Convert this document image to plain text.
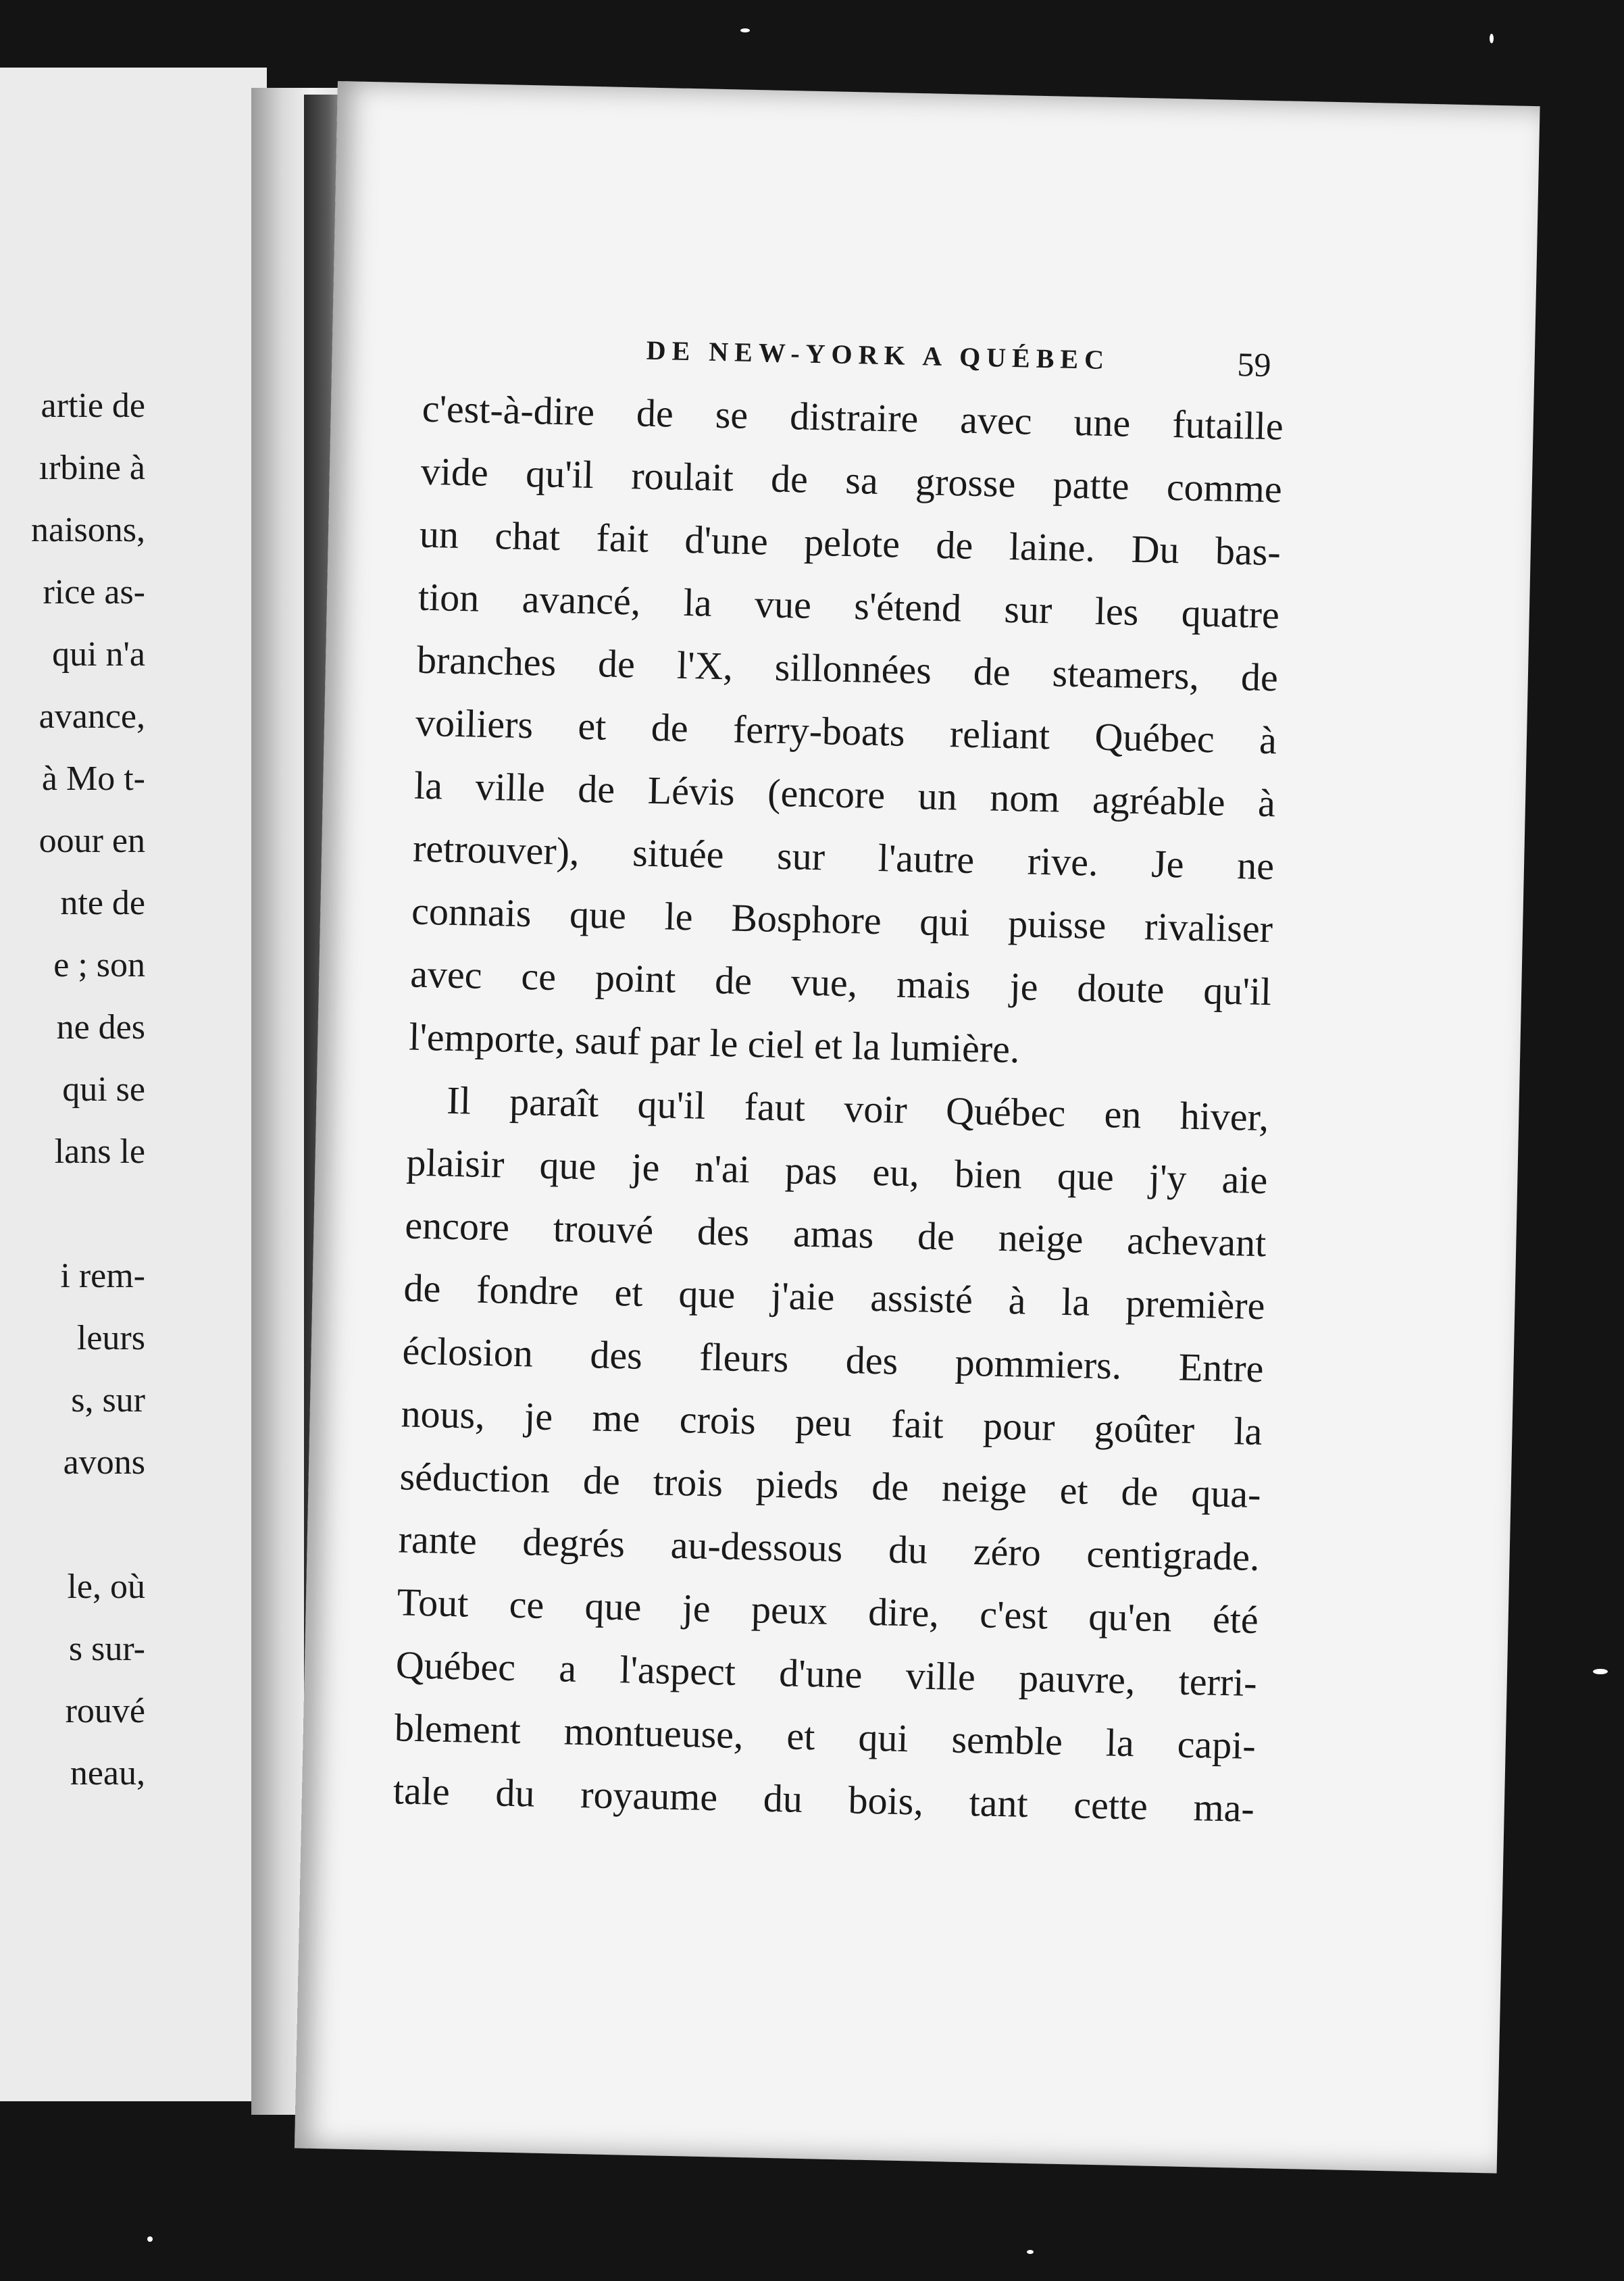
artie de
ırbine à
naisons,
rice as-
qui n'a
avance,
à Mo t-
oour en
nte de
e ; son
ne des
qui se
lans le

i rem-
leurs
s, sur
avons

le, où
s sur-
rouvé
neau,
DE NEW-YORK A QUÉBEC	59
c'est-à-dire de se distraire avec une futaille
vide qu'il roulait de sa grosse patte comme
un chat fait d'une pelote de laine. Du bas-
tion avancé, la vue s'étend sur les quatre
branches de l'X, sillonnées de steamers, de
voiliers et de ferry-boats reliant Québec à
la ville de Lévis (encore un nom agréable à
retrouver), située sur l'autre rive. Je ne
connais que le Bosphore qui puisse rivaliser
avec ce point de vue, mais je doute qu'il
l'emporte, sauf par le ciel et la lumière.
Il paraît qu'il faut voir Québec en hiver,
plaisir que je n'ai pas eu, bien que j'y aie
encore trouvé des amas de neige achevant
de fondre et que j'aie assisté à la première
éclosion des fleurs des pommiers. Entre
nous, je me crois peu fait pour goûter la
séduction de trois pieds de neige et de qua-
rante degrés au-dessous du zéro centigrade.
Tout ce que je peux dire, c'est qu'en été
Québec a l'aspect d'une ville pauvre, terri-
blement montueuse, et qui semble la capi-
tale du royaume du bois, tant cette ma-
